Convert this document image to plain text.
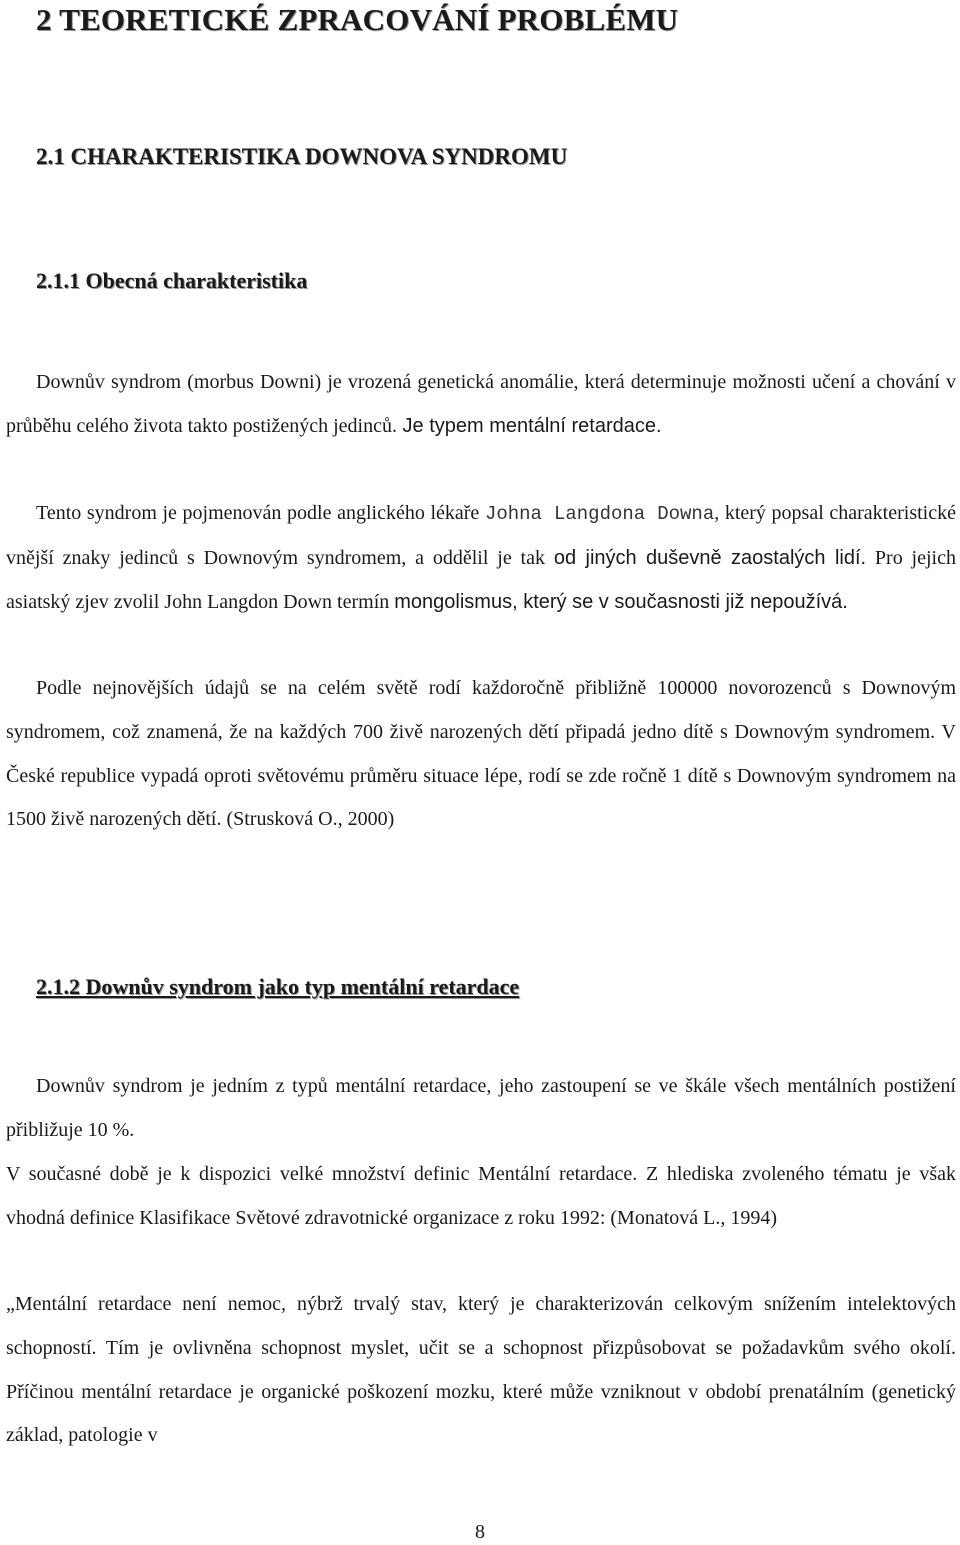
2 TEORETICKÉ ZPRACOVÁNÍ PROBLÉMU
2.1 CHARAKTERISTIKA DOWNOVA SYNDROMU
2.1.1 Obecná charakteristika

Downův syndrom (morbus Downi) je vrozená genetická anomálie, která determinuje možnosti učení a chování v průběhu celého života takto postižených jedinců. Je typem mentální retardace.

Tento syndrom je pojmenován podle anglického lékaře Johna Langdona Downa, který popsal charakteristické vnější znaky jedinců s Downovým syndromem, a oddělil je tak od jiných duševně zaostalých lidí. Pro jejich asiatský zjev zvolil John Langdon Down termín mongolismus, který se v současnosti již nepoužívá.

Podle nejnovějších údajů se na celém světě rodí každoročně přibližně 100000 novorozenců s Downovým syndromem, což znamená, že na každých 700 živě narozených dětí připadá jedno dítě s Downovým syndromem. V České republice vypadá oproti světovému průměru situace lépe, rodí se zde ročně 1 dítě s Downovým syndromem na 1500 živě narozených dětí. (Strusková O., 2000)

2.1.2 Downův syndrom jako typ mentální retardace

Downův syndrom je jedním z typů mentální retardace, jeho zastoupení se ve škále všech mentálních postižení přibližuje 10 %.

V současné době je k dispozici velké množství definic Mentální retardace. Z hlediska zvoleného tématu je však vhodná definice Klasifikace Světové zdravotnické organizace z roku 1992: (Monatová L., 1994)

„Mentální retardace není nemoc, nýbrž trvalý stav, který je charakterizován celkovým snížením intelektových schopností. Tím je ovlivněna schopnost myslet, učit se a schopnost přizpůsobovat se požadavkům svého okolí. Příčinou mentální retardace je organické poškození mozku, které může vzniknout v období prenatálním (genetický základ, patologie v

8
